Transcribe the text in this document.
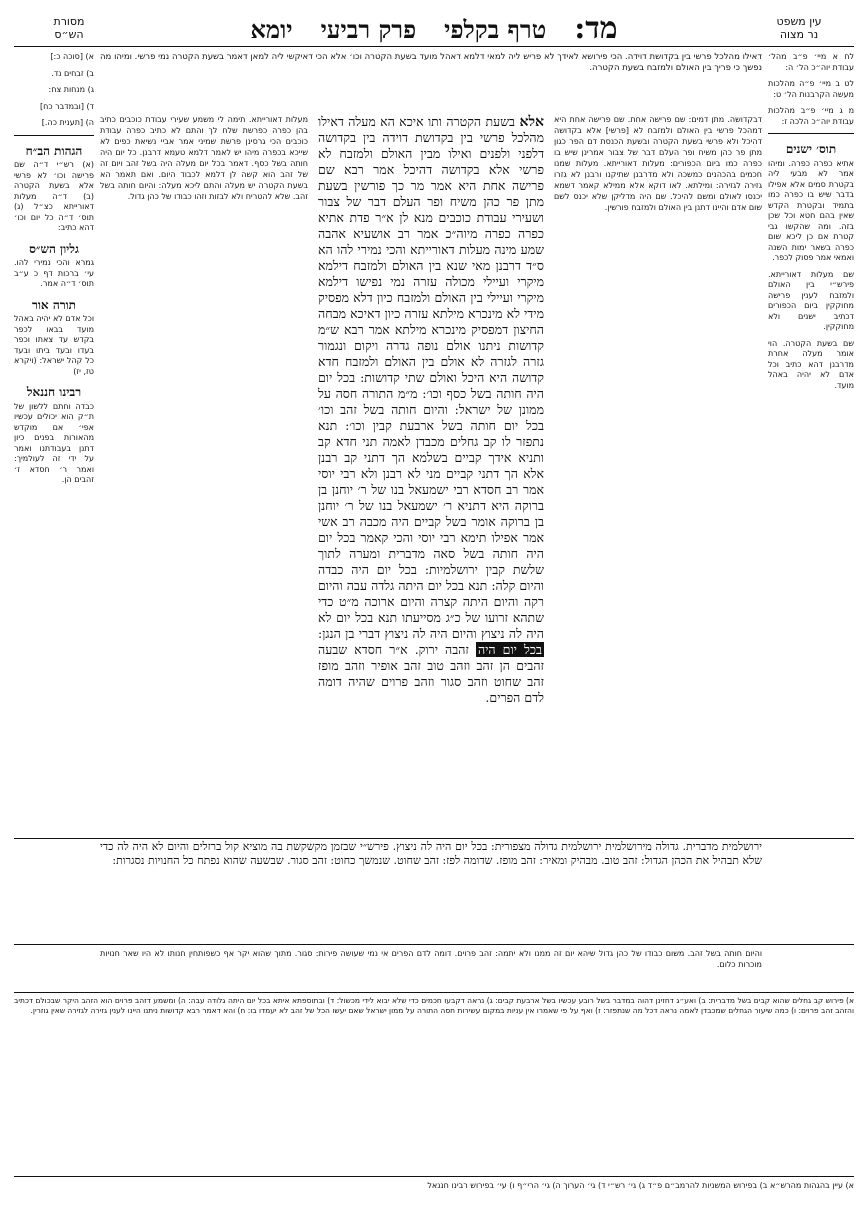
עין משפט
נר מצוה
מד:
טרף בקלפי
פרק רביעי
יומא
מסורת
הש״ס

לח א מיי׳ פ״ב מהל׳ עבודת יוה״כ הל׳ ה:

לט ב מיי׳ פ״ה מהלכות מעשה הקרבנות הל׳ ט:

מ ג מיי׳ פ״ב מהלכות עבודת יוה״כ הלכה ז:

תוס׳ ישנים

אתיא כפרה כפרה. ומיהו אמר לא מבעי ליה בקטרת סמים אלא אפילו בדבר שיש בו כפרה כמו בתמיד ובקטרת הקדש שאין בהם חטא וכל שכן בזה. ומה שהקשו גבי קטרת אם כן ליכא שום כפרה בשאר ימות השנה ואמאי אמר פסוק לכפר.

שם מעלות דאורייתא. פירש״י בין האולם ולמזבח לענין פרישה מחוקקין ביום הכפורים דכתיב ישנים ולא מחוקקין.

שם בשעת הקטרה. הוי אומר מעלה אחרת מדרבנן דהא כתיב וכל אדם לא יהיה באהל מועד.

א) [סוכה כ:]

ב) זבחים נד.

ג) מנחות צח:

ד) [ובמדבר כח]

ה) [תענית כה.]

הגהות הב״ח

(א) רש״י ד״ה שם פרישה וכו׳ לא פרשי אלא בשעת הקטרה (ב) ד״ה מעלות דאורייתא כצ״ל (ג) תוס׳ ד״ה כל יום וכו׳ דהא כתיב:

גליון הש״ס

גמרא והכי נמירי להו. עי׳ ברכות דף כ ע״ב תוס׳ ד״ה אמר.

תורה אור

וכל אדם לא יהיה באהל מועד בבאו לכפר בקדש עד צאתו וכפר בעדו ובעד ביתו ובעד כל קהל ישראל: (ויקרא טז, יז)

רבינו חננאל

כבדה וחתם ללשון של ת״ק הוא יכולים עכשיו אפי׳ אם מוקדש מהאורות בפנים כיון דתנן בעבודתנו ואמר על ידי זה לעולמיך: ואמר ר׳ חסדא ז׳ זהבים הן.

דאילו מהלכל פרשי בין בקדושת דוידה. הכי פירושא לאידך לא פריש ליה למאי דלמא דאהל מועד בשעת הקטרה וכו׳ אלא הכי דאיקשי ליה למאן דאמר בשעת הקטרה נמי פרשי. ומיהו מה נפשך כי פריך בין האולם ולמזבח בשעת הקטרה.
דבקדושה. מתן דמים: שם פרישה אחת. שם פרישה אחת היא דמהכל פרשי בין האולם ולמזבח לא [פרשי] אלא בקדושה דהיכל ולא פרשי בשעת הקטרה ובשעת הכנסת דם הפר כגון מתן פר כהן משיח ופר העלם דבר של צבור אמרינן שיש בו כפרה כמו ביום הכפורים: מעלות דאורייתא. מעלות שמנו חכמים בהכהנים כמשכה ולא מדרבנן שתיקנו ורבנן לא גזרו גזירה לגזירה: ומילתא. לאו דוקא אלא ממילא קאמר דשמא יכנסו לאולם ומשם להיכל. שם היה מדליקן שלא יכנס לשם שום אדם והיינו דתנן בין האולם ולמזבח פורשין.
מעלות דאורייתא. תימה לי משמע שעירי עבודת כוכבים כתיב בהן כפרה כפרשת שלח לך והתם לא כתיב כפרה עבודת כוכבים הכי גרסינן פרשת שמיני אמר אביי נשיאת כפים לא שייכא בכפרה מיהו יש לאמר דלמא טעמא דרבנן. כל יום היה חותה בשל כסף. דאמר בכל יום מעלה היה בשל זהב ויום זה של זהב הוא קשה לן דלמא לכבוד היום. ואם תאמר הא בשעת הקטרה יש מעלה והתם ליכא מעלה: והיום חותה בשל זהב. שלא להטריח ולא לבזות וזהו כבודו של כהן גדול.
אלא בשעת הקטרה ותו איכא הא מעלה דאילו מהלכל פרשי בין בקדושת דוידה בין בקדושה דלפני ולפנים ואילו מבין האולם ולמזבח לא פרשי אלא בקדושה דהיכל אמר רבא שם פרישה אחת היא אמר מר כך פורשין בשעת מתן פר כהן משיח ופר העלם דבר של צבור ושעירי עבודת כוכבים מנא לן א״ר פדת אתיא כפרה כפרה מיוה״כ אמר רב אושעיא אהבה שמע מינה מעלות דאורייתא והכי נמירי להו הא ס״ד דרבנן מאי שנא בין האולם ולמזבח דילמא מיקרי ועיילי מכולה עזרה נמי נפישו דילמא מיקרי ועיילי בין האולם ולמזבח כיון דלא מפסיק מידי לא מינכרא מילתא עזרה כיון דאיכא מבחה החיצון דמפסיק מינכרא מילתא אמר רבא ש״מ קדושות ניתנו אולם נופה גדרה ויקום ונגמור גזרה לגזרה לא אולם בין האולם ולמזבח חדא קדושה היא היכל ואולם שתי קדושות: בכל יום היה חותה בשל כסף וכו׳: מ״מ התורה חסה על ממונן של ישראל: והיום חותה בשל זהב וכו׳ בכל יום חותה בשל ארבעת קבין וכו׳: תנא נתפזר לו קב גחלים מכבדן לאמה תני חדא קב ותניא אידך קביים בשלמא הך דתני קב רבנן אלא הך דתני קביים מני לא רבנן ולא רבי יוסי אמר רב חסדא רבי ישמעאל בנו של ר׳ יוחנן בן ברוקה היא דתניא ר׳ ישמעאל בנו של ר׳ יוחנן בן ברוקה אומר בשל קביים היה מכבה רב אשי אמר אפילו תימא רבי יוסי והכי קאמר בכל יום היה חותה בשל סאה מדברית ומערה לתוך שלשת קבין ירושלמיות: בכל יום היה כבדה והיום קלה: תנא בכל יום היתה גלדה עבה והיום רקה והיום היתה קצרה והיום ארוכה מ״ט כדי שתהא זרועו של כ״ג מסייעתו תנא בכל יום לא היה לה ניצוץ והיום היה לה ניצוץ דברי בן הנגן: בכל יום היה זהבה ירוק. א״ר חסדא שבעה זהבים הן זהב וזהב טוב זהב אופיר וזהב מופז זהב שחוט וזהב סגור וזהב פרוים שהיה דומה לדם הפרים.
ירושלמית מדברית. גדולה מירושלמית ירושלמית גדולה מצפורית: בכל יום היה לה ניצוץ. פירש״י שבזמן מקשקשת בה מוציא קול ברזלים והיום לא היה לה כדי שלא תבהיל את הכהן הגדול: זהב טוב. מבהיק ומאיר: זהב מופז. שדומה לפז: זהב שחוט. שנמשך כחוט: זהב סגור. שבשעה שהוא נפתח כל החנויות נסגרות:
והיום חותה בשל זהב. משום כבודו של כהן גדול שיהא יום זה ממנו ולא יתמה: זהב פרוים. דומה לדם הפרים אי נמי שעושה פירות: סגור. מתוך שהוא יקר אף כשפותחין חנותו לא היו שאר חנויות מוכרות כלום.
א) פירוש קב גחלים שהוא קבים בשל מדברית: ב) ואע״ג דחזינן דהוה במדבר בשל רובע עכשיו בשל ארבעת קבים: ג) נראה דקבעו חכמים כדי שלא יבוא לידי מכשול: ד) ובתוספתא איתא בכל יום היתה גלודה עבה: ה) ומשמע דזהב פרוים הוא הזהב היקר שבכולם דכתיב והזהב זהב פרוים: ו) כמה שיעור הגחלים שמכבדן לאמה נראה דכל מה שנתפזר: ז) ואף על פי שאמרו אין עניות במקום עשירות חסה התורה על ממון ישראל שאם יעשו הכל של זהב לא יעמדו בו: ח) והא דאמר רבא קדושות ניתנו היינו לענין גזירה לגזירה שאין גוזרין.
א) עיין בהגהות מהרש״א ב) בפירוש המשניות להרמב״ם פ״ד ג) גי׳ רש״י ד) גי׳ הערוך ה) גי׳ הרי״ף ו) עי׳ בפירוש רבינו חננאל
